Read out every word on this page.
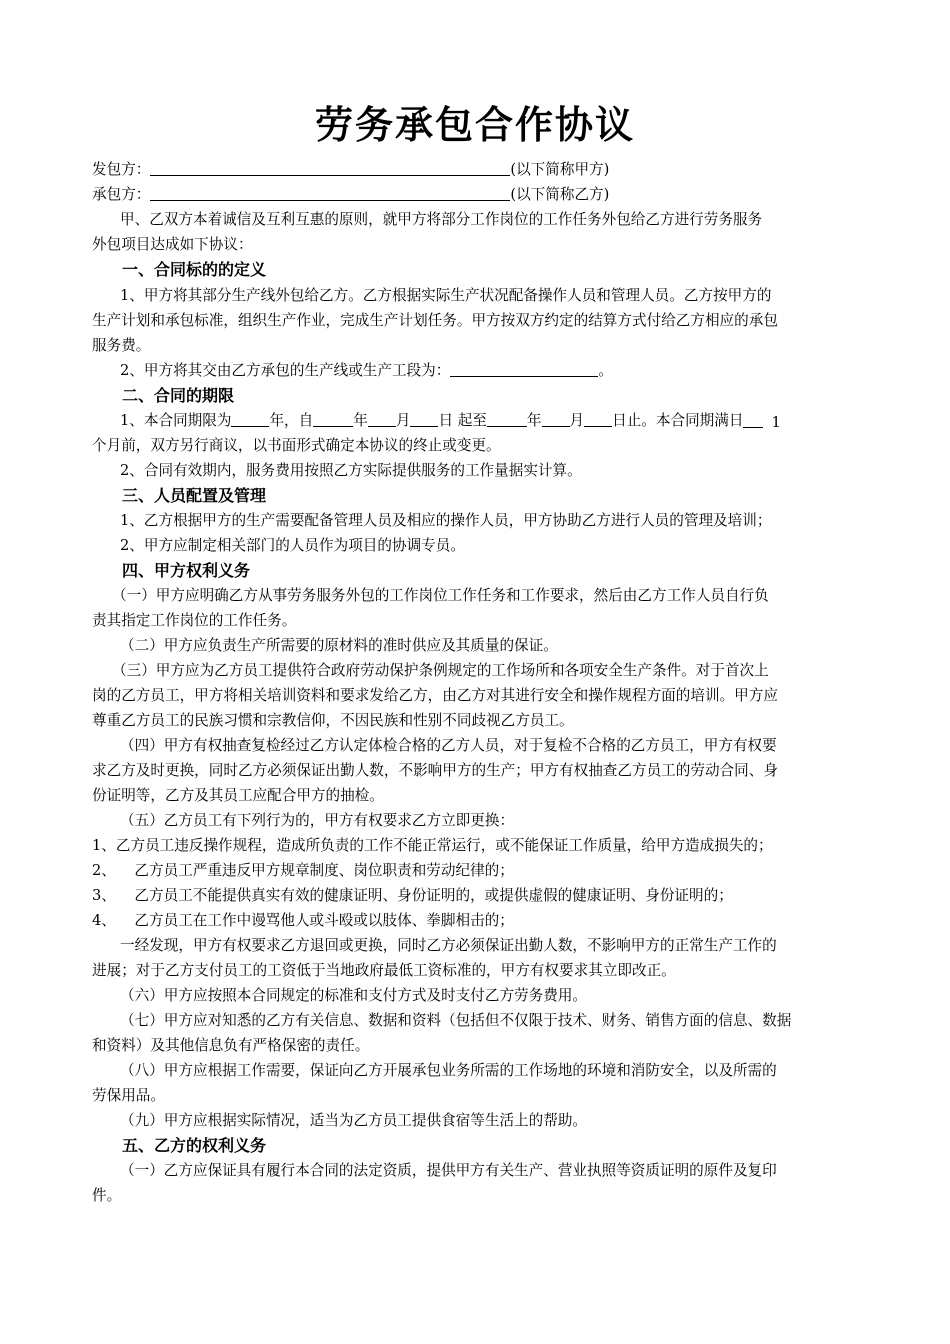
劳务承包合作协议
发包方：	(以下简称甲方)
承包方：	(以下简称乙方)
甲、乙双方本着诚信及互利互惠的原则，就甲方将部分工作岗位的工作任务外包给乙方进行劳务服务
外包项目达成如下协议：
一、合同标的的定义
1、甲方将其部分生产线外包给乙方。乙方根据实际生产状况配备操作人员和管理人员。乙方按甲方的
生产计划和承包标准，组织生产作业，完成生产计划任务。甲方按双方约定的结算方式付给乙方相应的承包
服务费。
2、甲方将其交由乙方承包的生产线或生产工段为：	。
二、合同的期限
1、本合同期限为	年，自	年 月 日 起至	年 月 日止。本合同期满日 1
个月前，双方另行商议，以书面形式确定本协议的终止或变更。
2、合同有效期内，服务费用按照乙方实际提供服务的工作量据实计算。
三、人员配置及管理
1、乙方根据甲方的生产需要配备管理人员及相应的操作人员，甲方协助乙方进行人员的管理及培训；
2、甲方应制定相关部门的人员作为项目的协调专员。
四、甲方权利义务
（一）甲方应明确乙方从事劳务服务外包的工作岗位工作任务和工作要求，然后由乙方工作人员自行负
责其指定工作岗位的工作任务。
（二）甲方应负责生产所需要的原材料的准时供应及其质量的保证。
（三）甲方应为乙方员工提供符合政府劳动保护条例规定的工作场所和各项安全生产条件。对于首次上
岗的乙方员工，甲方将相关培训资料和要求发给乙方，由乙方对其进行安全和操作规程方面的培训。甲方应
尊重乙方员工的民族习惯和宗教信仰，不因民族和性别不同歧视乙方员工。
（四）甲方有权抽查复检经过乙方认定体检合格的乙方人员，对于复检不合格的乙方员工，甲方有权要
求乙方及时更换，同时乙方必须保证出勤人数，不影响甲方的生产；甲方有权抽查乙方员工的劳动合同、身
份证明等，乙方及其员工应配合甲方的抽检。
（五）乙方员工有下列行为的，甲方有权要求乙方立即更换：
1、乙方员工违反操作规程，造成所负责的工作不能正常运行，或不能保证工作质量，给甲方造成损失的；
2、    乙方员工严重违反甲方规章制度、岗位职责和劳动纪律的；
3、    乙方员工不能提供真实有效的健康证明、身份证明的，或提供虚假的健康证明、身份证明的；
4、    乙方员工在工作中谩骂他人或斗殴或以肢体、拳脚相击的；
一经发现，甲方有权要求乙方退回或更换，同时乙方必须保证出勤人数，不影响甲方的正常生产工作的
进展；对于乙方支付员工的工资低于当地政府最低工资标准的，甲方有权要求其立即改正。
（六）甲方应按照本合同规定的标准和支付方式及时支付乙方劳务费用。
（七）甲方应对知悉的乙方有关信息、数据和资料（包括但不仅限于技术、财务、销售方面的信息、数据
和资料）及其他信息负有严格保密的责任。
（八）甲方应根据工作需要，保证向乙方开展承包业务所需的工作场地的环境和消防安全，以及所需的
劳保用品。
（九）甲方应根据实际情况，适当为乙方员工提供食宿等生活上的帮助。
五、乙方的权利义务
（一）乙方应保证具有履行本合同的法定资质，提供甲方有关生产、营业执照等资质证明的原件及复印
件。
